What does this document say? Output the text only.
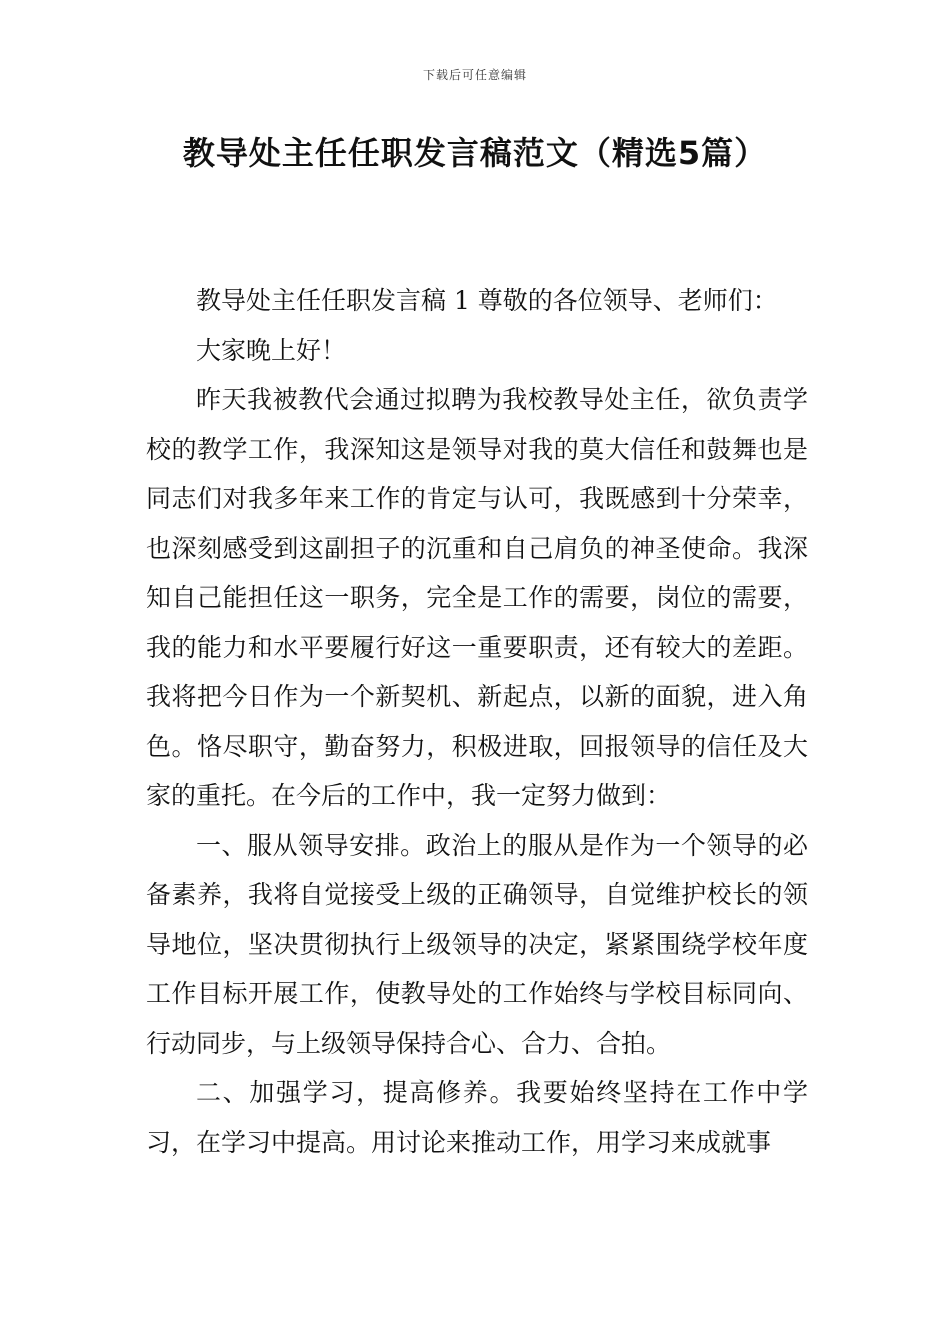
下载后可任意编辑
教导处主任任职发言稿范文（精选5篇）

教导处主任任职发言稿 1 尊敬的各位领导、老师们：

大家晚上好！

昨天我被教代会通过拟聘为我校教导处主任，欲负责学校的教学工作，我深知这是领导对我的莫大信任和鼓舞也是同志们对我多年来工作的肯定与认可，我既感到十分荣幸，也深刻感受到这副担子的沉重和自己肩负的神圣使命。我深知自己能担任这一职务，完全是工作的需要，岗位的需要，我的能力和水平要履行好这一重要职责，还有较大的差距。我将把今日作为一个新契机、新起点，以新的面貌，进入角色。恪尽职守，勤奋努力，积极进取，回报领导的信任及大家的重托。在今后的工作中，我一定努力做到：

一、服从领导安排。政治上的服从是作为一个领导的必备素养，我将自觉接受上级的正确领导，自觉维护校长的领导地位，坚决贯彻执行上级领导的决定，紧紧围绕学校年度工作目标开展工作，使教导处的工作始终与学校目标同向、行动同步，与上级领导保持合心、合力、合拍。

二、加强学习，提高修养。我要始终坚持在工作中学习，在学习中提高。用讨论来推动工作，用学习来成就事
